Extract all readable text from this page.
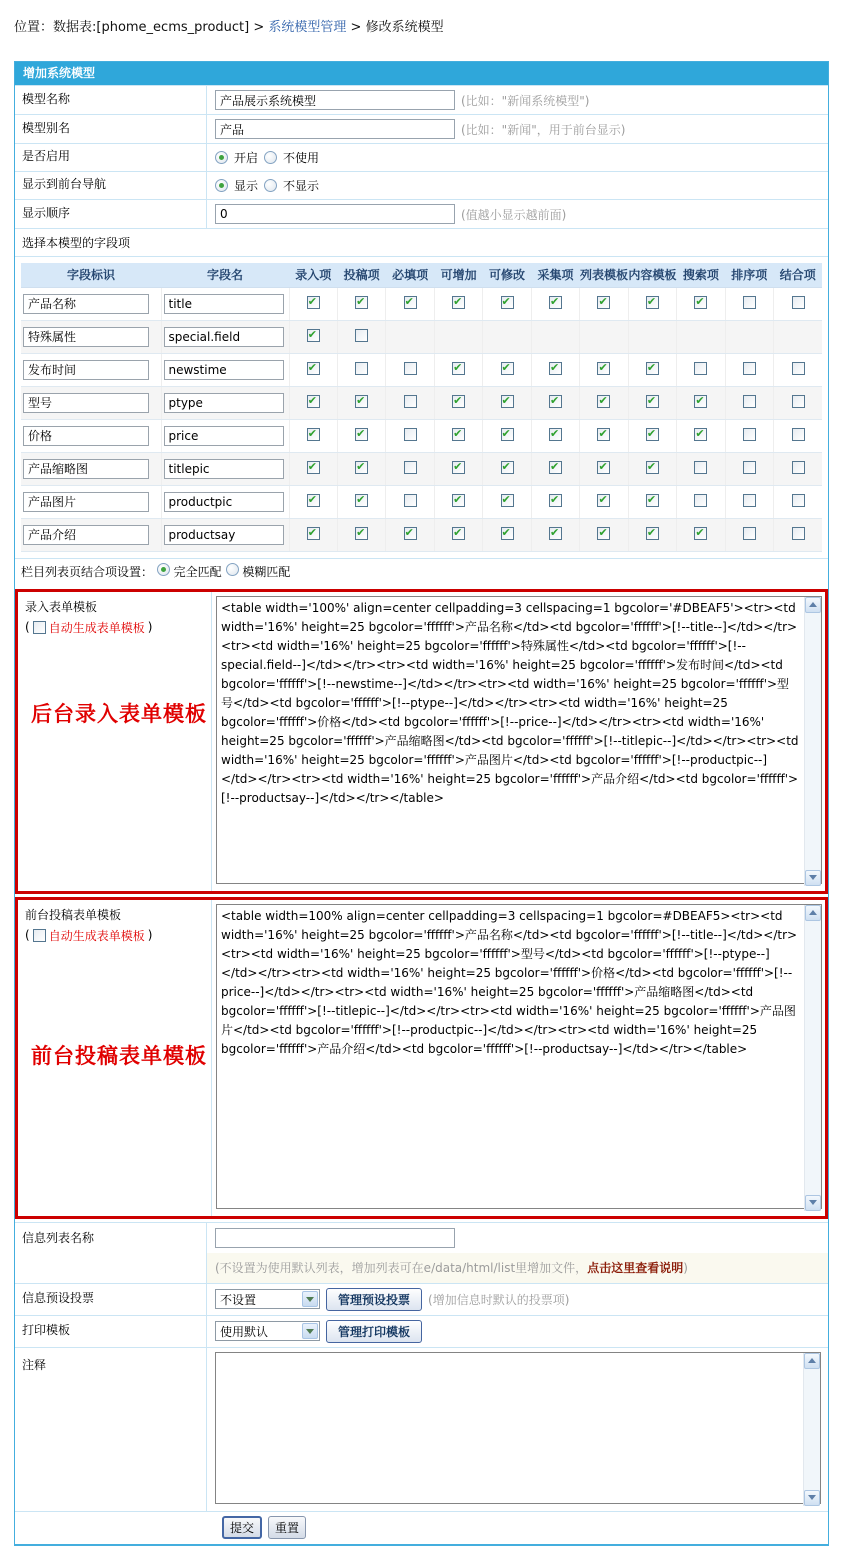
位置：数据表:[phome_ecms_product] > 系统模型管理 > 修改系统模型
增加系统模型
模型名称
产品展示系统模型	(比如："新闻系统模型")
模型别名
产品	(比如："新闻"，用于前台显示)
是否启用	开启 不使用
显示到前台导航	显示 不显示
显示顺序
0	(值越小显示越前面)
选择本模型的字段项
字段标识	字段名	录入项	投稿项	必填项	可增加	可修改	采集项	列表模板	内容模板	搜索项	排序项	结合项
产品名称	title	✔	✔	✔	✔	✔	✔	✔	✔	✔		
特殊属性	special.field	✔										
发布时间	newstime	✔			✔	✔	✔	✔	✔			
型号	ptype	✔	✔		✔	✔	✔	✔	✔	✔		
价格	price	✔	✔		✔	✔	✔	✔	✔	✔		
产品缩略图	titlepic	✔	✔		✔	✔	✔	✔	✔			
产品图片	productpic	✔	✔		✔	✔	✔	✔	✔			
产品介绍	productsay	✔	✔	✔	✔	✔	✔	✔	✔	✔		
栏目列表页结合项设置： 完全匹配 模糊匹配
录入表单模板
( 自动生成表单模板 )
后台录入表单模板
<table width='100%' align=center cellpadding=3 cellspacing=1 bgcolor='#DBEAF5'><tr><td width='16%' height=25 bgcolor='ffffff'>产品名称</td><td bgcolor='ffffff'>[!--title--]</td></tr><tr><td width='16%' height=25 bgcolor='ffffff'>特殊属性</td><td bgcolor='ffffff'>[!--special.field--]</td></tr><tr><td width='16%' height=25 bgcolor='ffffff'>发布时间</td><td bgcolor='ffffff'>[!--newstime--]</td></tr><tr><td width='16%' height=25 bgcolor='ffffff'>型号</td><td bgcolor='ffffff'>[!--ptype--]</td></tr><tr><td width='16%' height=25 bgcolor='ffffff'>价格</td><td bgcolor='ffffff'>[!--price--]</td></tr><tr><td width='16%' height=25 bgcolor='ffffff'>产品缩略图</td><td bgcolor='ffffff'>[!--titlepic--]</td></tr><tr><td width='16%' height=25 bgcolor='ffffff'>产品图片</td><td bgcolor='ffffff'>[!--productpic--]</td></tr><tr><td width='16%' height=25 bgcolor='ffffff'>产品介绍</td><td bgcolor='ffffff'>[!--productsay--]</td></tr></table>
前台投稿表单模板
( 自动生成表单模板 )
前台投稿表单模板
<table width=100% align=center cellpadding=3 cellspacing=1 bgcolor=#DBEAF5><tr><td width='16%' height=25 bgcolor='ffffff'>产品名称</td><td bgcolor='ffffff'>[!--title--]</td></tr><tr><td width='16%' height=25 bgcolor='ffffff'>型号</td><td bgcolor='ffffff'>[!--ptype--]</td></tr><tr><td width='16%' height=25 bgcolor='ffffff'>价格</td><td bgcolor='ffffff'>[!--price--]</td></tr><tr><td width='16%' height=25 bgcolor='ffffff'>产品缩略图</td><td bgcolor='ffffff'>[!--titlepic--]</td></tr><tr><td width='16%' height=25 bgcolor='ffffff'>产品图片</td><td bgcolor='ffffff'>[!--productpic--]</td></tr><tr><td width='16%' height=25 bgcolor='ffffff'>产品介绍</td><td bgcolor='ffffff'>[!--productsay--]</td></tr></table>
信息列表名称
(不设置为使用默认列表，增加列表可在e/data/html/list里增加文件，点击这里查看说明)
信息预设投票	不设置	管理预设投票	(增加信息时默认的投票项)
打印模板	使用默认	管理打印模板
注释
提交	重置
